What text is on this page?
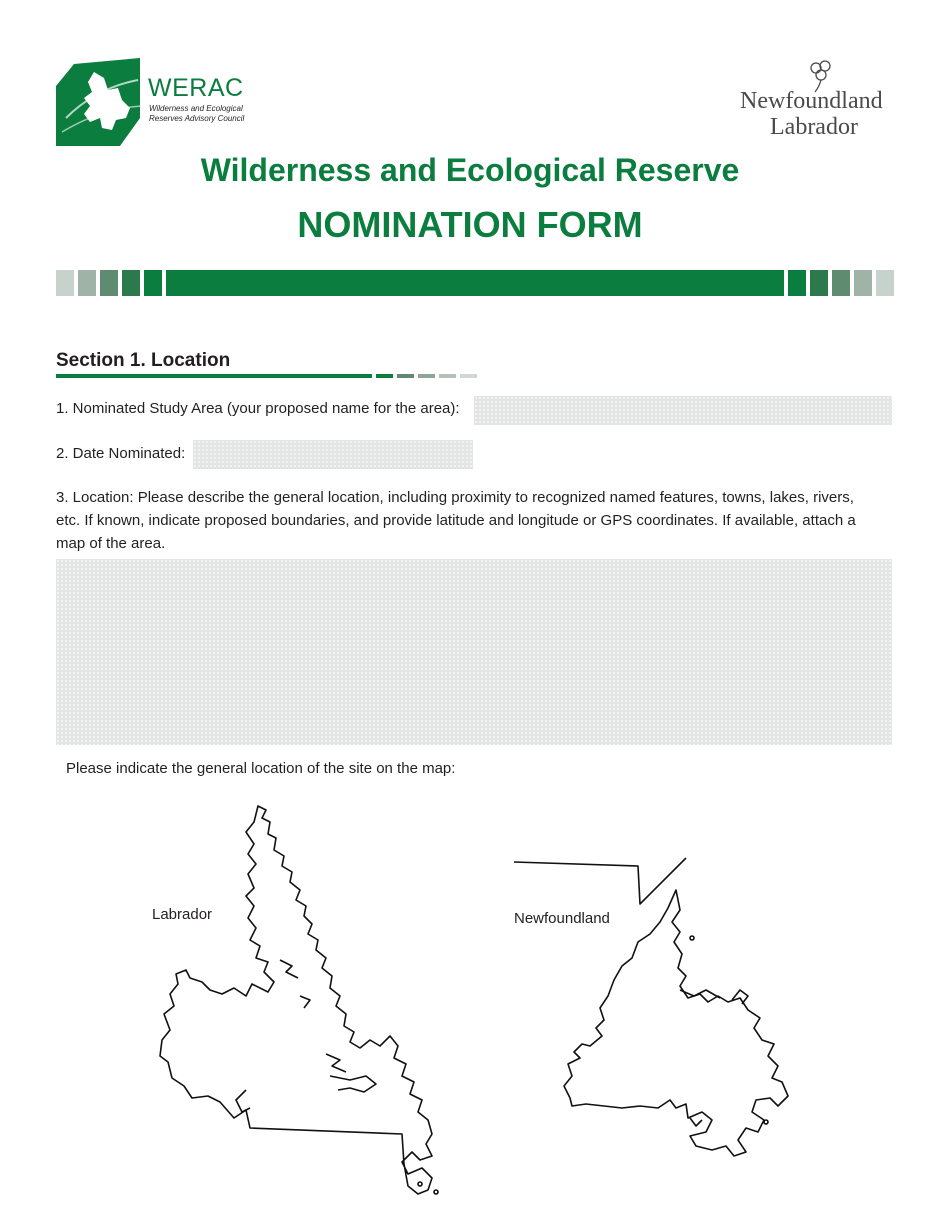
WERAC
Wilderness and Ecological
Reserves Advisory Council
Newfoundland
Labrador
Wilderness and Ecological Reserve
NOMINATION FORM
Section 1. Location
1. Nominated Study Area (your proposed name for the area):
2. Date Nominated:
3. Location: Please describe the general location, including proximity to recognized named features, towns, lakes, rivers,
etc. If known, indicate proposed boundaries, and provide latitude and longitude or GPS coordinates. If available, attach a
map of the area.
Please indicate the general location of the site on the map:
Labrador	Newfoundland
